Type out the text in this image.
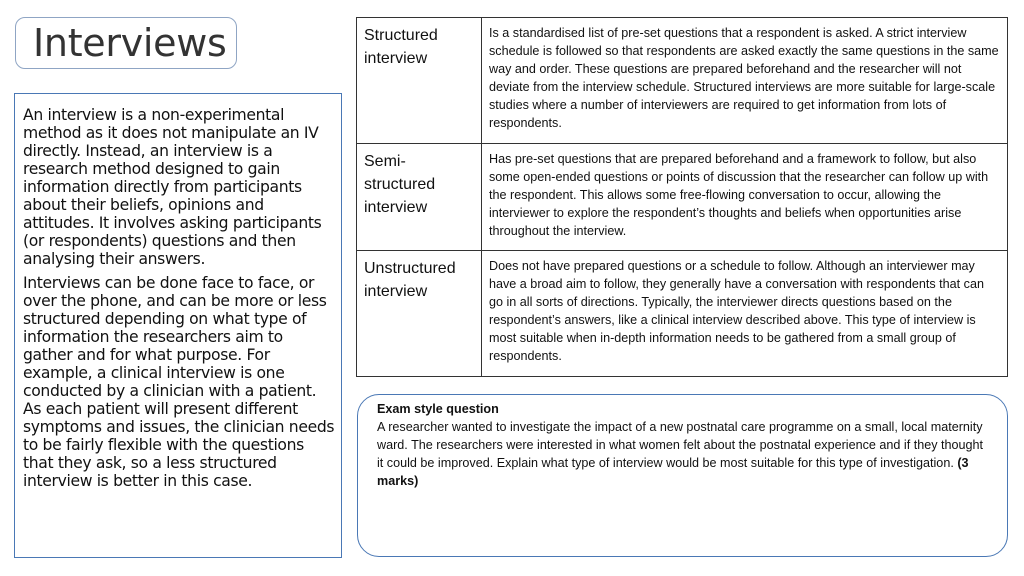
Interviews

An interview is a non-experimental method as it does not manipulate an IV directly. Instead, an interview is a research method designed to gain information directly from participants about their beliefs, opinions and attitudes. It involves asking participants (or respondents) questions and then analysing their answers.

Interviews can be done face to face, or over the phone, and can be more or less structured depending on what type of information the researchers aim to gather and for what purpose. For example, a clinical interview is one conducted by a clinician with a patient. As each patient will present different symptoms and issues, the clinician needs to be fairly flexible with the questions that they ask, so a less structured interview is better in this case.

Structured interview	Is a standardised list of pre-set questions that a respondent is asked. A strict interview schedule is followed so that respondents are asked exactly the same questions in the same way and order. These questions are prepared beforehand and the researcher will not deviate from the interview schedule. Structured interviews are more suitable for large-scale studies where a number of interviewers are required to get information from lots of respondents.
Semi-structured interview	Has pre-set questions that are prepared beforehand and a framework to follow, but also some open-ended questions or points of discussion that the researcher can follow up with the respondent. This allows some free-flowing conversation to occur, allowing the interviewer to explore the respondent’s thoughts and beliefs when opportunities arise throughout the interview.
Unstructured interview	Does not have prepared questions or a schedule to follow. Although an interviewer may have a broad aim to follow, they generally have a conversation with respondents that can go in all sorts of directions. Typically, the interviewer directs questions based on the respondent’s answers, like a clinical interview described above. This type of interview is most suitable when in-depth information needs to be gathered from a small group of respondents.
Exam style question
A researcher wanted to investigate the impact of a new postnatal care programme on a small, local maternity ward. The researchers were interested in what women felt about the postnatal experience and if they thought it could be improved. Explain what type of interview would be most suitable for this type of investigation. (3 marks)
